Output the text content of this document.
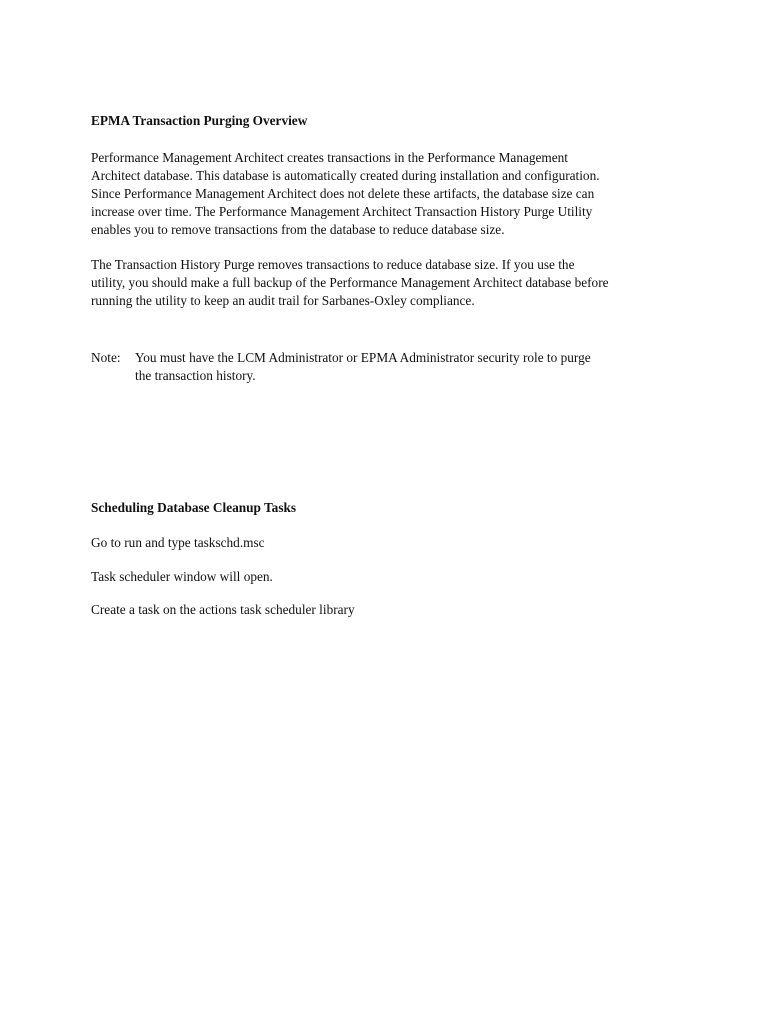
EPMA Transaction Purging Overview

Performance Management Architect creates transactions in the Performance Management
Architect database. This database is automatically created during installation and configuration.
Since Performance Management Architect does not delete these artifacts, the database size can
increase over time. The Performance Management Architect Transaction History Purge Utility
enables you to remove transactions from the database to reduce database size.

The Transaction History Purge removes transactions to reduce database size. If you use the
utility, you should make a full backup of the Performance Management Architect database before
running the utility to keep an audit trail for Sarbanes-Oxley compliance.

Note: You must have the LCM Administrator or EPMA Administrator security role to purge
the transaction history.

Scheduling Database Cleanup Tasks

Go to run and type taskschd.msc

Task scheduler window will open.

Create a task on the actions task scheduler library
